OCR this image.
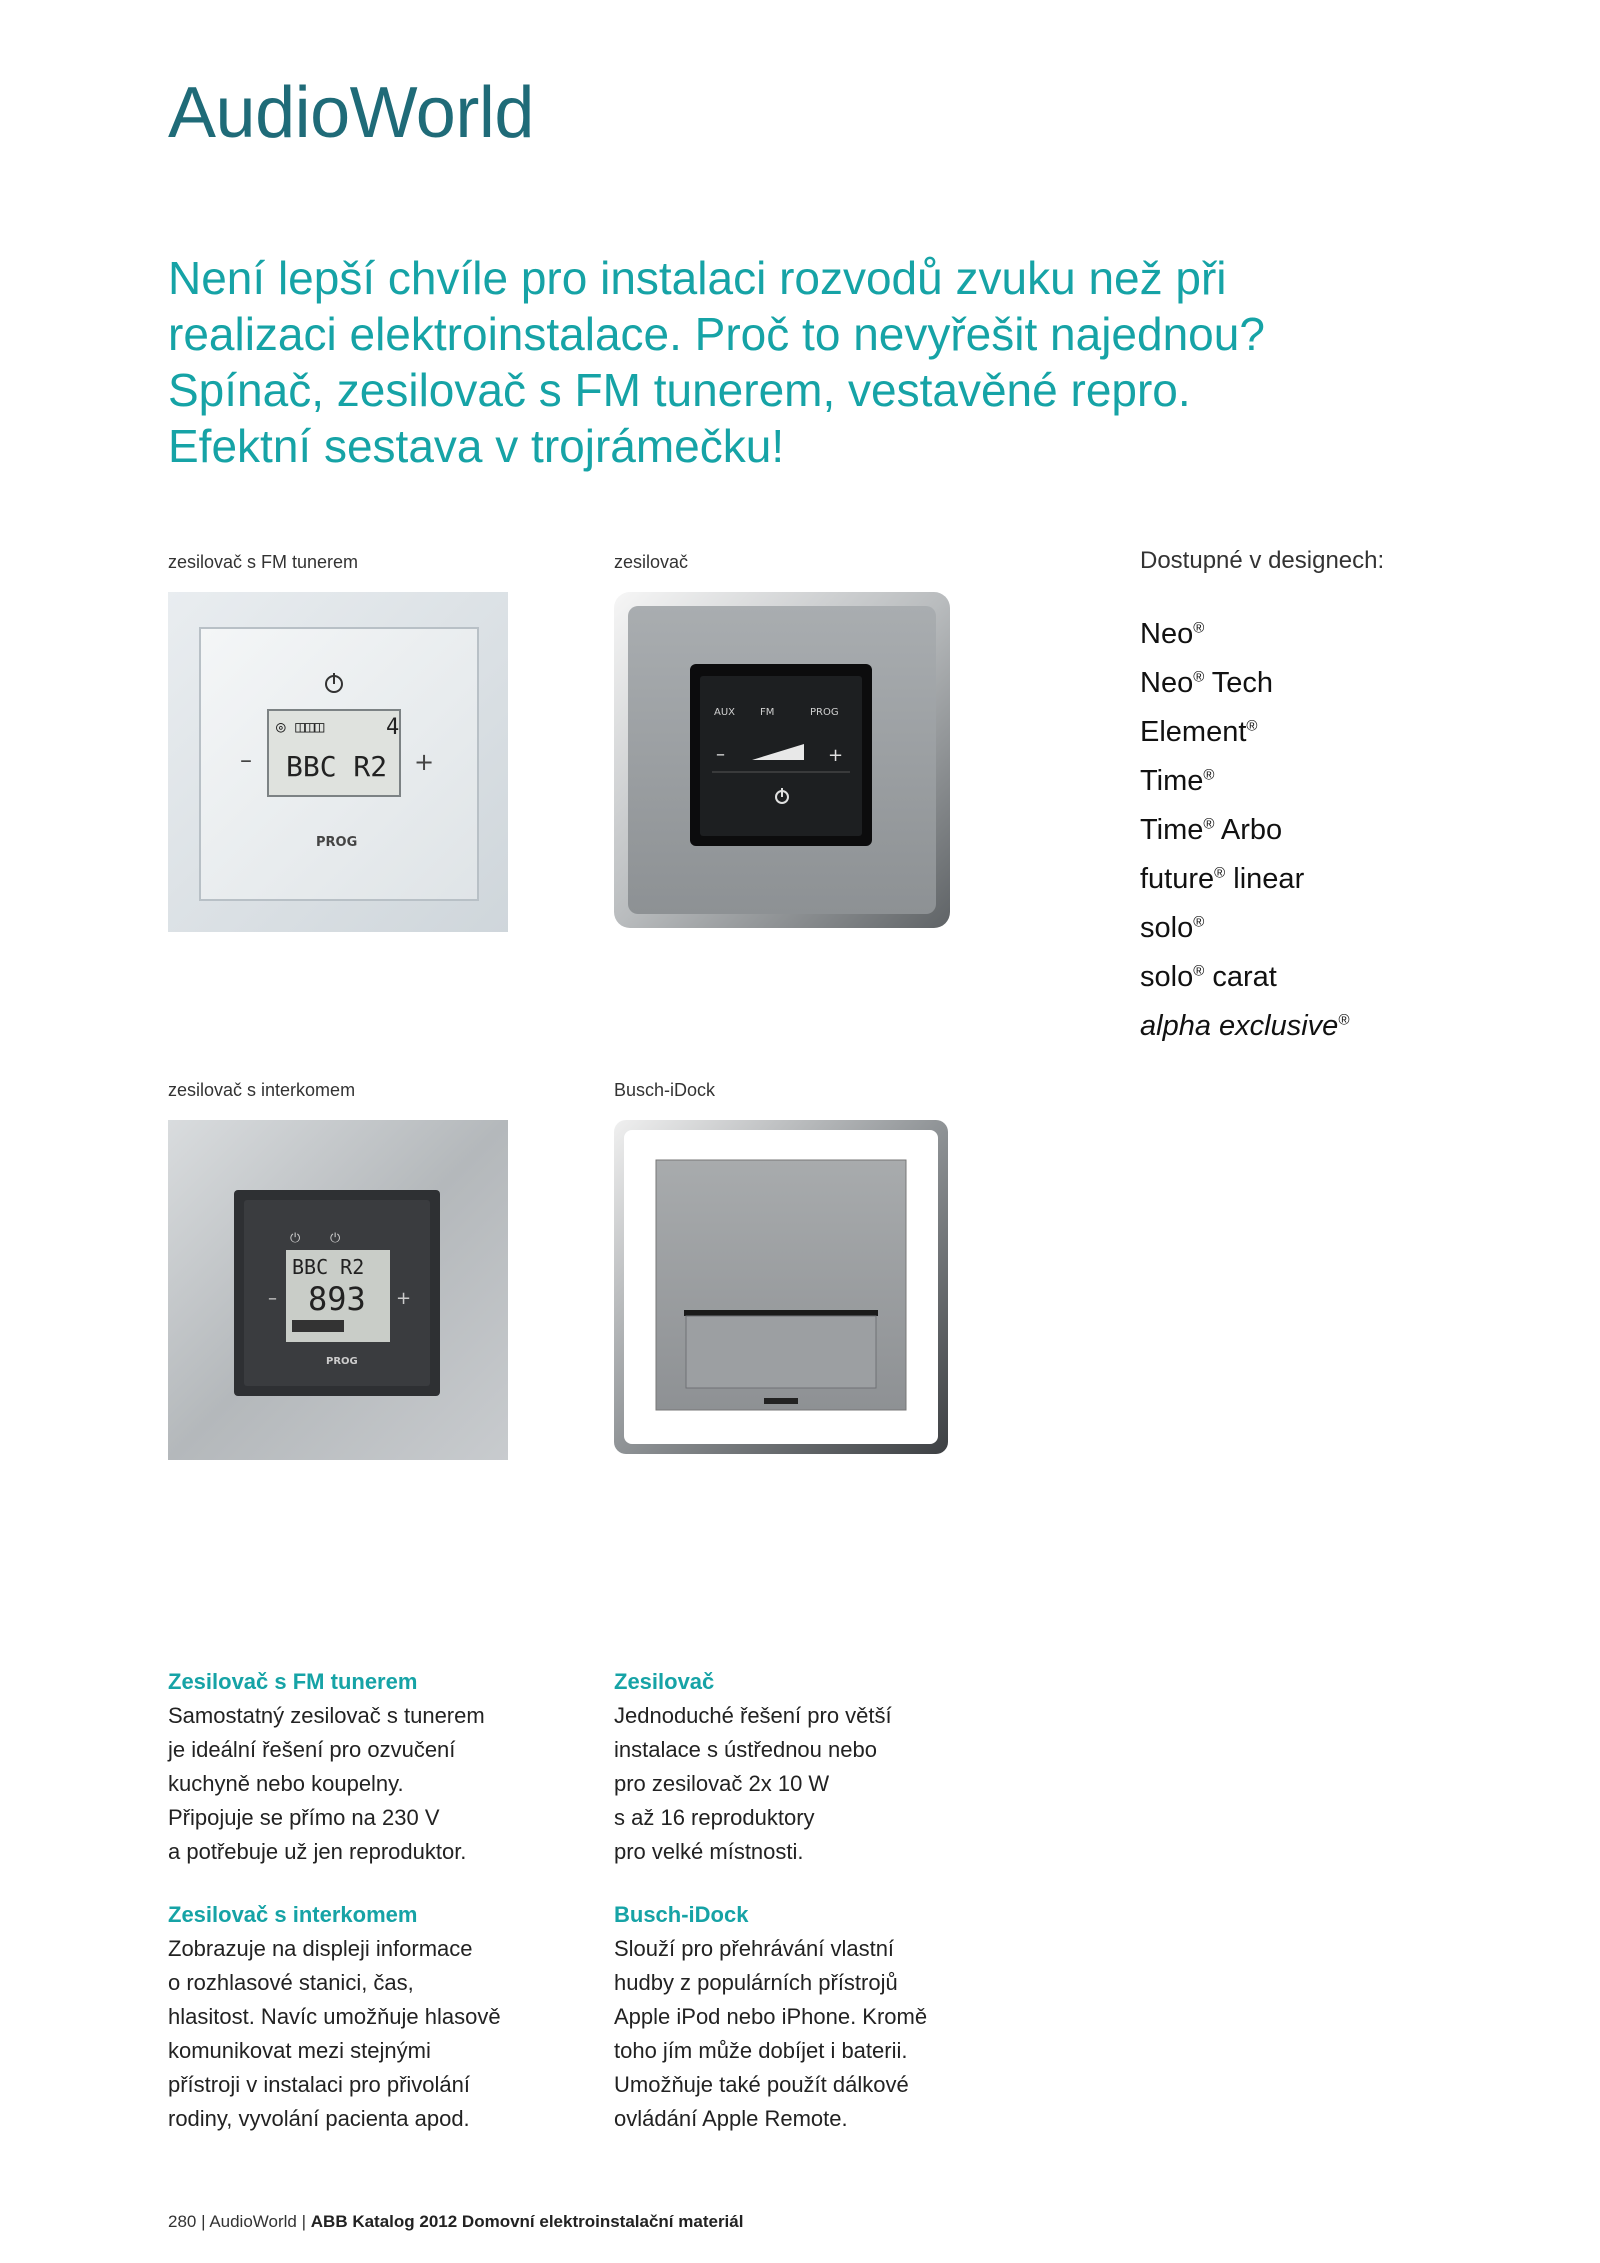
AudioWorld
Není lepší chvíle pro instalaci rozvodů zvuku než při
realizaci elektroinstalace. Proč to nevyřešit najednou?
Spínač, zesilovač s FM tunerem, vestavěné repro.
Efektní sestava v trojrámečku!
zesilovač s FM tunerem	zesilovač
◎ ◫◫◫	4
BBC R2
–	+
PROG
AUX FM	PROG
–	+
Dostupné v designech:
Neo®
Neo® Tech
Element®
Time®
Time® Arbo
future® linear
solo®
solo® carat
alpha exclusive®
zesilovač s interkomem	Busch-iDock
⏻ ⏻
BBC R2
893
–	+
PROG
Zesilovač s FM tunerem

Samostatný zesilovač s tunerem
je ideální řešení pro ozvučení
kuchyně nebo koupelny.
Připojuje se přímo na 230 V
a potřebuje už jen reproduktor.

Zesilovač

Jednoduché řešení pro větší
instalace s ústřednou nebo
pro zesilovač 2x 10 W
s až 16 reproduktory
pro velké místnosti.

Zesilovač s interkomem

Zobrazuje na displeji informace
o rozhlasové stanici, čas,
hlasitost. Navíc umožňuje hlasově
komunikovat mezi stejnými
přístroji v instalaci pro přivolání
rodiny, vyvolání pacienta apod.

Busch-iDock

Slouží pro přehrávání vlastní
hudby z populárních přístrojů
Apple iPod nebo iPhone. Kromě
toho jím může dobíjet i baterii.
Umožňuje také použít dálkové
ovládání Apple Remote.

280 | AudioWorld | ABB Katalog 2012 Domovní elektroinstalační materiál
